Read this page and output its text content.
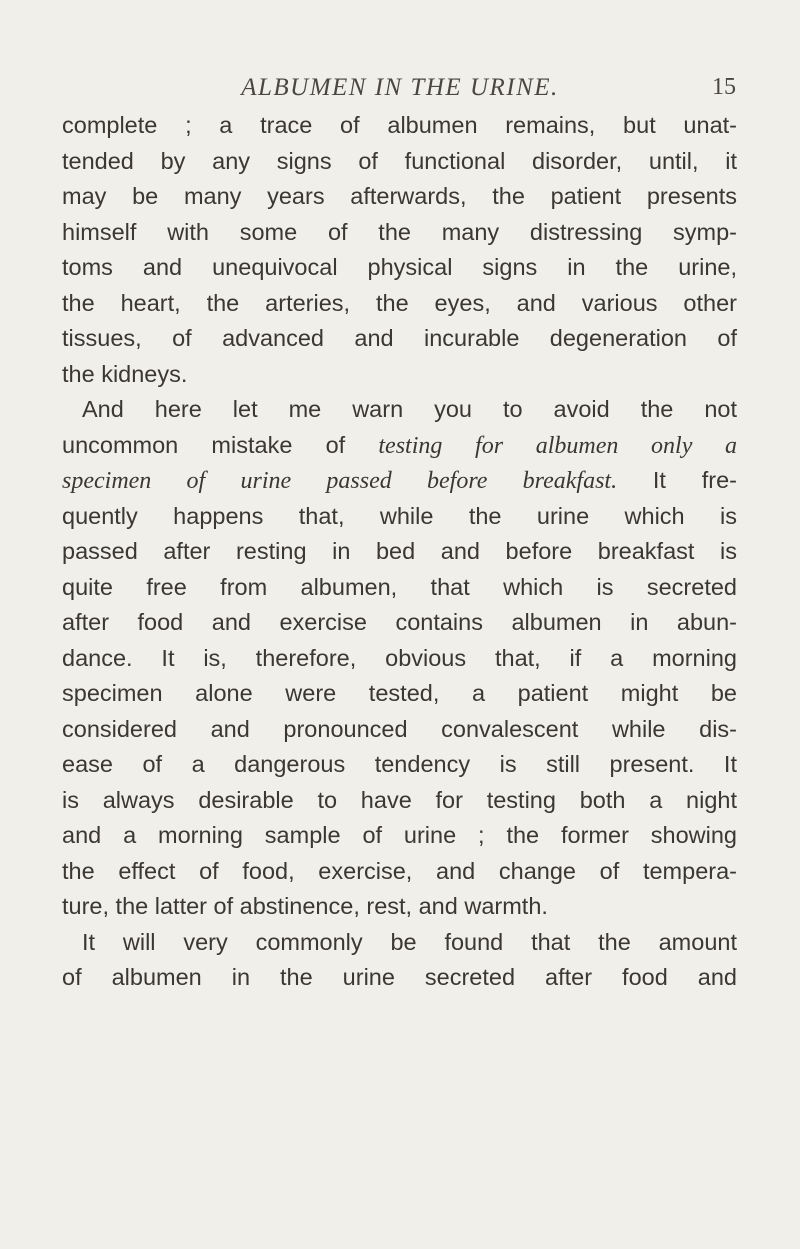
ALBUMEN IN THE URINE.	15
complete ; a trace of albumen remains, but unat-
tended by any signs of functional disorder, until, it
may be many years afterwards, the patient presents
himself with some of the many distressing symp-
toms and unequivocal physical signs in the urine,
the heart, the arteries, the eyes, and various other
tissues, of advanced and incurable degeneration of
the kidneys.
And here let me warn you to avoid the not
uncommon mistake of testing for albumen only a
specimen of urine passed before breakfast. It fre-
quently happens that, while the urine which is
passed after resting in bed and before breakfast is
quite free from albumen, that which is secreted
after food and exercise contains albumen in abun-
dance. It is, therefore, obvious that, if a morning
specimen alone were tested, a patient might be
considered and pronounced convalescent while dis-
ease of a dangerous tendency is still present. It
is always desirable to have for testing both a night
and a morning sample of urine ; the former showing
the effect of food, exercise, and change of tempera-
ture, the latter of abstinence, rest, and warmth.
It will very commonly be found that the amount
of albumen in the urine secreted after food and
